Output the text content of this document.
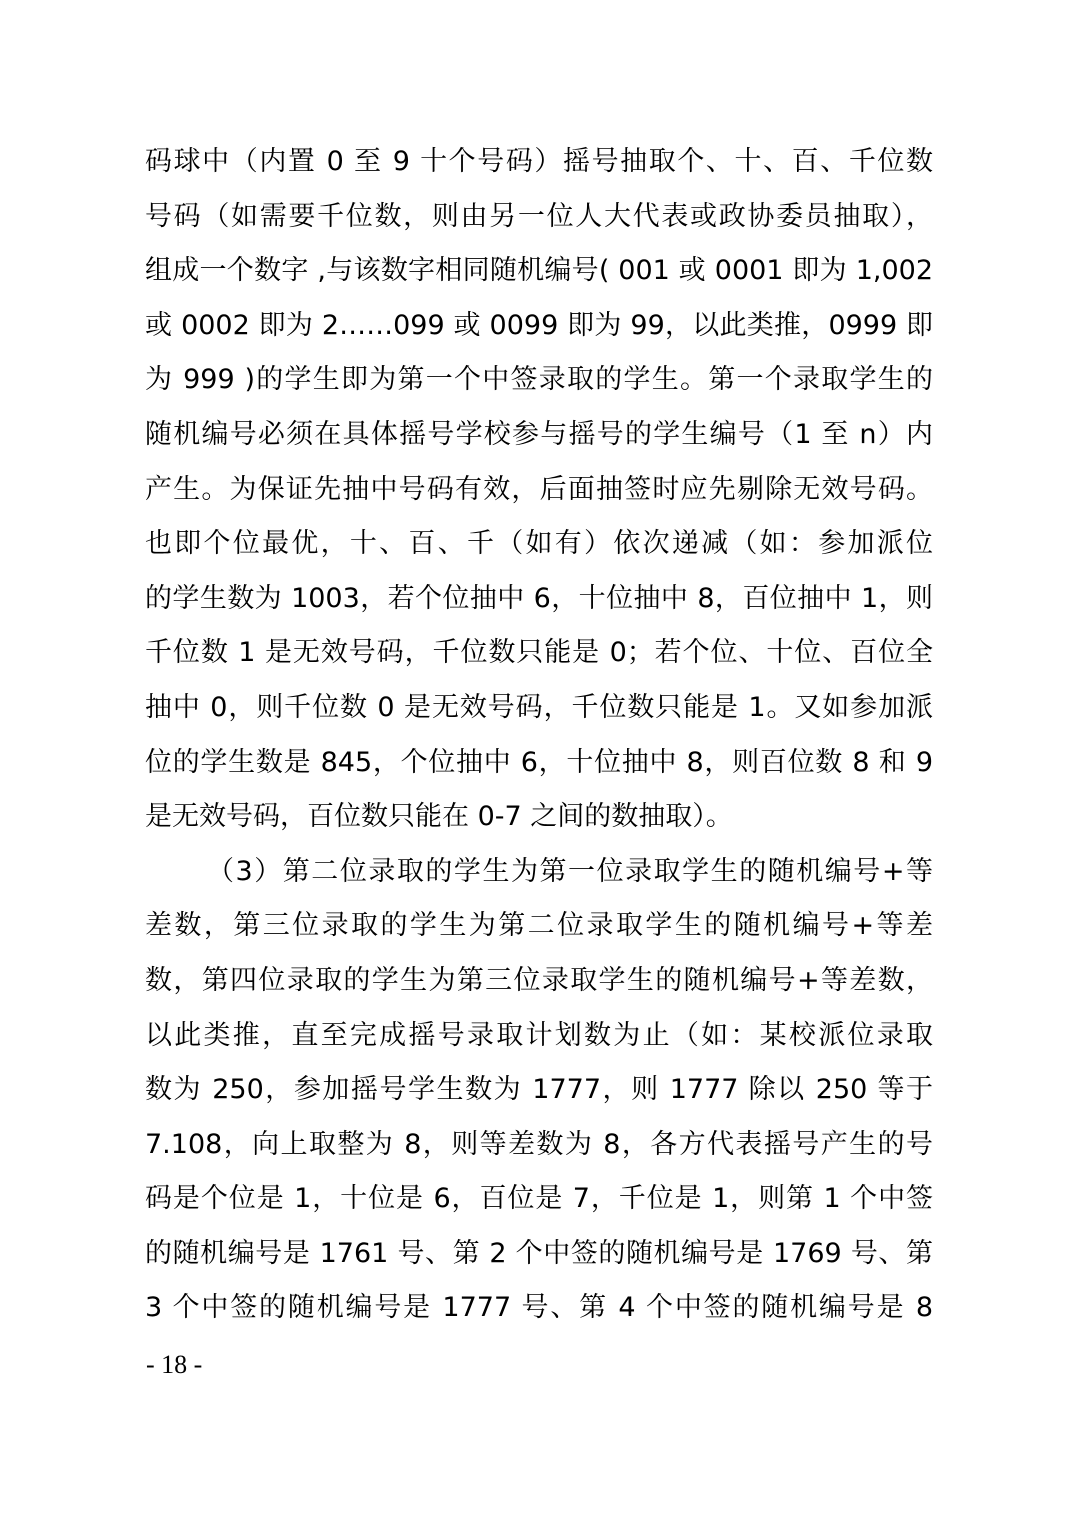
码球中（内置 0 至 9 十个号码）摇号抽取个、十、百、千位数
号码（如需要千位数，则由另一位人大代表或政协委员抽取），
组成一个数字 ,与该数字相同随机编号( 001 或 0001 即为 1,002
或 0002 即为 2……099 或 0099 即为 99，以此类推，0999 即
为 999 )的学生即为第一个中签录取的学生。第一个录取学生的
随机编号必须在具体摇号学校参与摇号的学生编号（1 至 n）内
产生。为保证先抽中号码有效，后面抽签时应先剔除无效号码。
也即个位最优，十、百、千（如有）依次递减（如：参加派位
的学生数为 1003，若个位抽中 6，十位抽中 8，百位抽中 1，则
千位数 1 是无效号码，千位数只能是 0；若个位、十位、百位全
抽中 0，则千位数 0 是无效号码，千位数只能是 1。又如参加派
位的学生数是 845，个位抽中 6，十位抽中 8，则百位数 8 和 9
是无效号码，百位数只能在 0-7 之间的数抽取）。
（3）第二位录取的学生为第一位录取学生的随机编号+等
差数，第三位录取的学生为第二位录取学生的随机编号+等差
数，第四位录取的学生为第三位录取学生的随机编号+等差数，
以此类推，直至完成摇号录取计划数为止（如：某校派位录取
数为 250，参加摇号学生数为 1777，则 1777 除以 250 等于
7.108，向上取整为 8，则等差数为 8，各方代表摇号产生的号
码是个位是 1，十位是 6，百位是 7，千位是 1，则第 1 个中签
的随机编号是 1761 号、第 2 个中签的随机编号是 1769 号、第
3 个中签的随机编号是 1777 号、第 4 个中签的随机编号是 8
- 18 -
